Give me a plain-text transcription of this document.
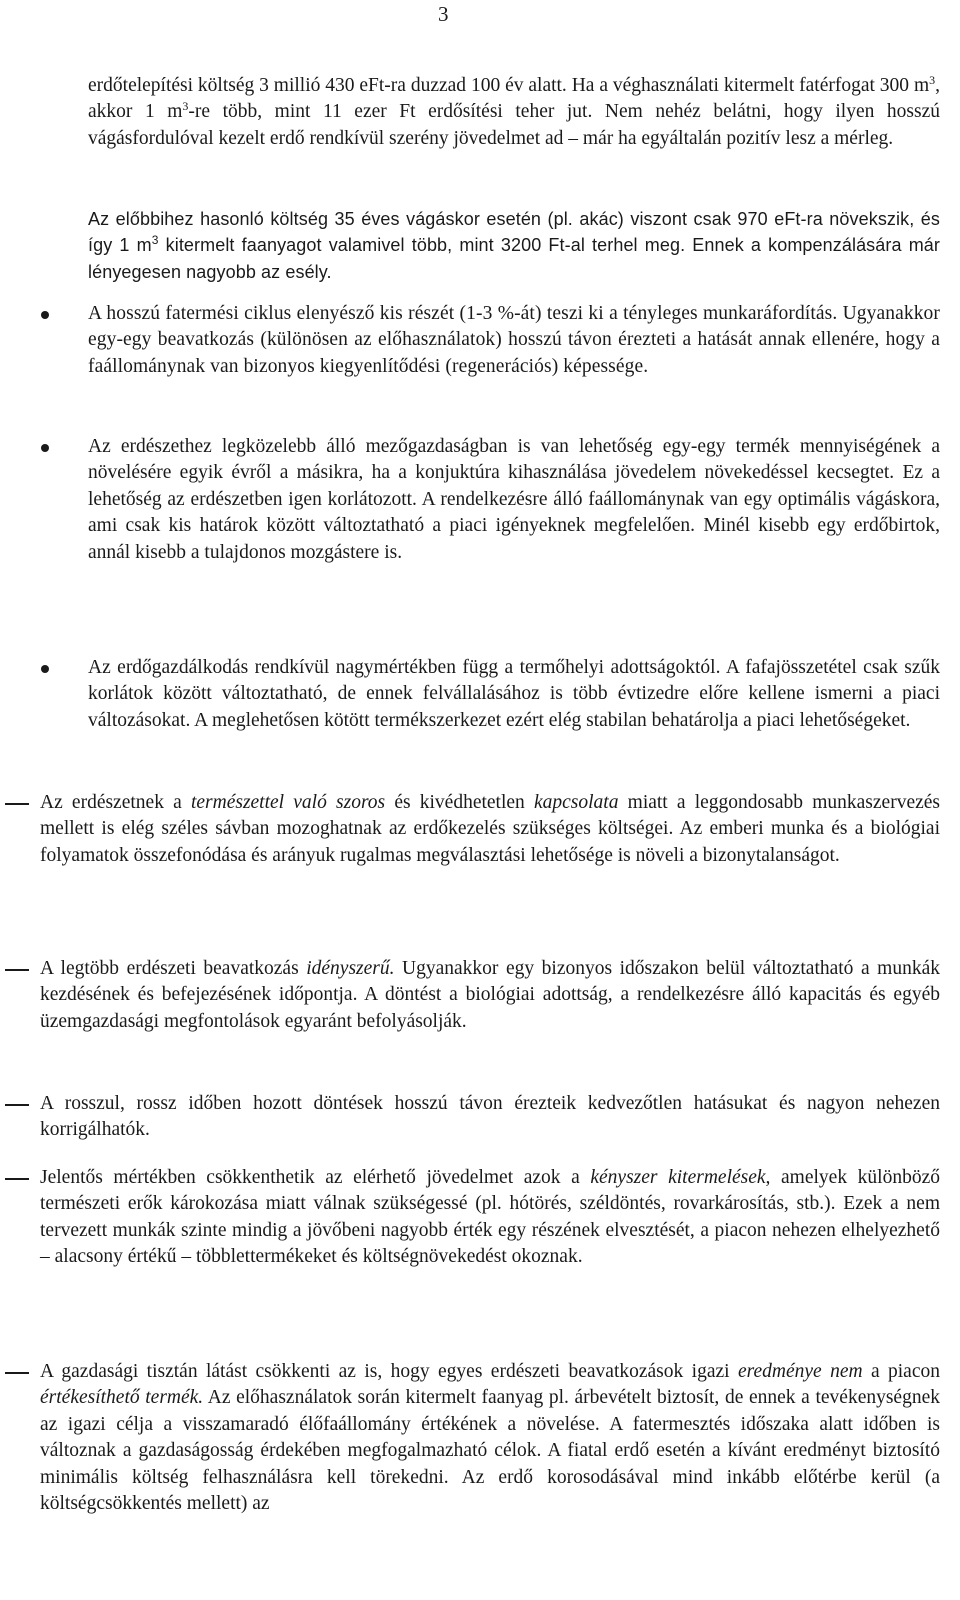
3
erdőtelepítési költség 3 millió 430 eFt-ra duzzad 100 év alatt. Ha a véghasználati kitermelt fatérfogat 300 $m^3$, akkor 1 $m^3-re$ több, mint 11 ezer Ft erdősítési teher jut. Nem nehéz belátni, hogy ilyen hosszú vágásfordulóval kezelt erdő rendkívül szerény jövedelmet ad – már ha egyáltalán pozitív lesz a mérleg.
Az előbbihez hasonló költség 35 éves vágáskor esetén (pl. akác) viszont csak 970 eFt-ra növekszik, és így 1 $m^3$ kitermelt faanyagot valamivel több, mint 3200 Ft-al terhel meg. Ennek a kompenzálására már lényegesen nagyobb az esély.
A hosszú fatermési ciklus elenyésző kis részét (1-3 %-át) teszi ki a tényleges munkaráfordítás. Ugyanakkor egy-egy beavatkozás (különösen az előhasználatok) hosszú távon érezteti a hatását annak ellenére, hogy a faállománynak van bizonyos kiegyenlítődési (regenerációs) képessége.
Az erdészethez legközelebb álló mezőgazdaságban is van lehetőség egy-egy termék mennyiségének a növelésére egyik évről a másikra, ha a konjuktúra kihasználása jövedelem növekedéssel kecsegtet. Ez a lehetőség az erdészetben igen korlátozott. A rendelkezésre álló faállománynak van egy optimális vágáskora, ami csak kis határok között változtatható a piaci igényeknek megfelelően. Minél kisebb egy erdőbirtok, annál kisebb a tulajdonos mozgástere is.
Az erdőgazdálkodás rendkívül nagymértékben függ a termőhelyi adottságoktól. A fafajösszetétel csak szűk korlátok között változtatható, de ennek felvállalásához is több évtizedre előre kellene ismerni a piaci változásokat. A meglehetősen kötött termékszerkezet ezért elég stabilan behatárolja a piaci lehetőségeket.
Az erdészetnek a természettel való szoros és kivédhetetlen kapcsolata miatt a leggondosabb munkaszervezés mellett is elég széles sávban mozoghatnak az erdőkezelés szükséges költségei. Az emberi munka és a biológiai folyamatok összefonódása és arányuk rugalmas megválasztási lehetősége is növeli a bizonytalanságot.
A legtöbb erdészeti beavatkozás idényszerű. Ugyanakkor egy bizonyos időszakon belül változtatható a munkák kezdésének és befejezésének időpontja. A döntést a biológiai adottság, a rendelkezésre álló kapacitás és egyéb üzemgazdasági megfontolások egyaránt befolyásolják.
A rosszul, rossz időben hozott döntések hosszú távon érezteik kedvezőtlen hatásukat és nagyon nehezen korrigálhatók.
Jelentős mértékben csökkenthetik az elérhető jövedelmet azok a kényszer kitermelések, amelyek különböző természeti erők károkozása miatt válnak szükségessé (pl. hótörés, széldöntés, rovarkárosítás, stb.). Ezek a nem tervezett munkák szinte mindig a jövőbeni nagyobb érték egy részének elvesztését, a piacon nehezen elhelyezhető – alacsony értékű – többlettermékeket és költségnövekedést okoznak.
A gazdasági tisztán látást csökkenti az is, hogy egyes erdészeti beavatkozások igazi eredménye nem a piacon értékesíthető termék. Az előhasználatok során kitermelt faanyag pl. árbevételt biztosít, de ennek a tevékenységnek az igazi célja a visszamaradó élőfaállomány értékének a növelése. A fatermesztés időszaka alatt időben is változnak a gazdaságosság érdekében megfogalmazható célok. A fiatal erdő esetén a kívánt eredményt biztosító minimális költség felhasználásra kell törekedni. Az erdő korosodásával mind inkább előtérbe kerül (a költségcsökkentés mellett) az
